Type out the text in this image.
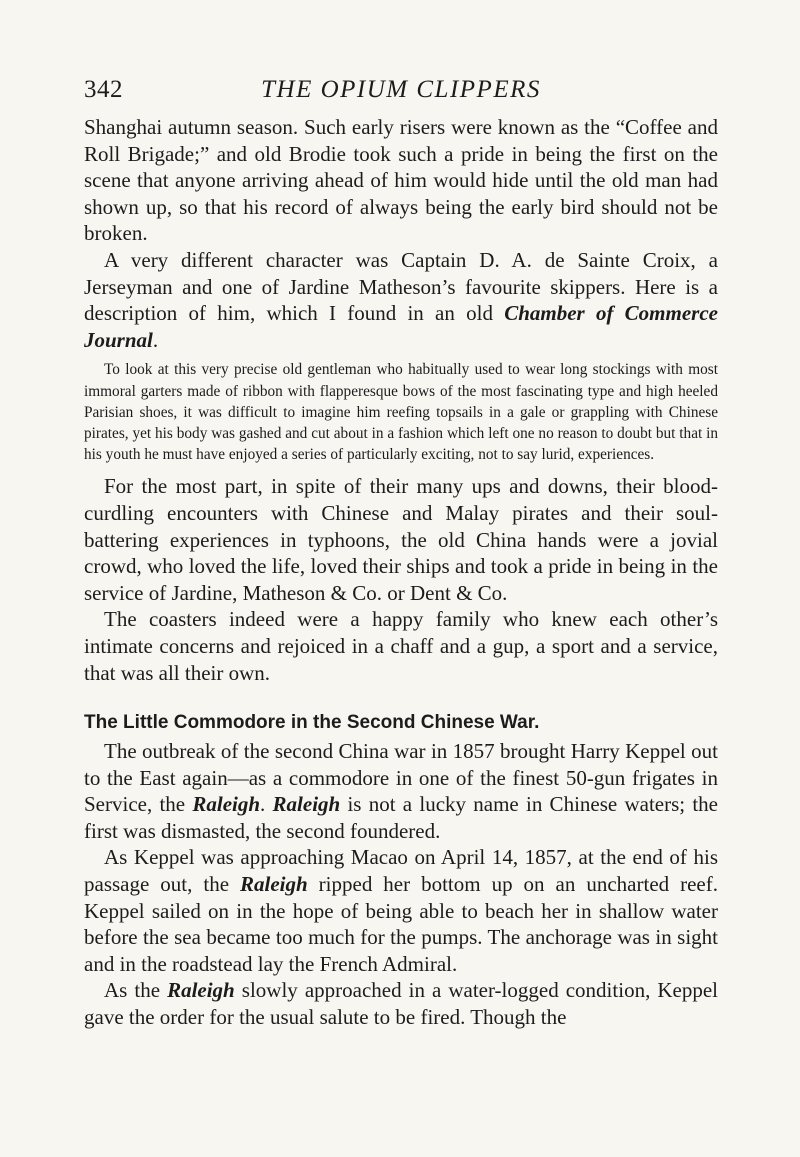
342	THE OPIUM CLIPPERS

Shanghai autumn season. Such early risers were known as the “Coffee and Roll Brigade;” and old Brodie took such a pride in being the first on the scene that anyone arriving ahead of him would hide until the old man had shown up, so that his record of always being the early bird should not be broken.

A very different character was Captain D. A. de Sainte Croix, a Jerseyman and one of Jardine Matheson’s favourite skippers. Here is a description of him, which I found in an old Chamber of Commerce Journal.

To look at this very precise old gentleman who habitually used to wear long stockings with most immoral garters made of ribbon with flapperesque bows of the most fascinating type and high heeled Parisian shoes, it was difficult to imagine him reefing topsails in a gale or grappling with Chinese pirates, yet his body was gashed and cut about in a fashion which left one no reason to doubt but that in his youth he must have enjoyed a series of particularly exciting, not to say lurid, experiences.

For the most part, in spite of their many ups and downs, their blood-curdling encounters with Chinese and Malay pirates and their soul-battering experiences in typhoons, the old China hands were a jovial crowd, who loved the life, loved their ships and took a pride in being in the service of Jardine, Matheson & Co. or Dent & Co.

The coasters indeed were a happy family who knew each other’s intimate concerns and rejoiced in a chaff and a gup, a sport and a service, that was all their own.

The Little Commodore in the Second Chinese War.

The outbreak of the second China war in 1857 brought Harry Keppel out to the East again—as a commodore in one of the finest 50-gun frigates in Service, the Raleigh. Raleigh is not a lucky name in Chinese waters; the first was dismasted, the second foundered.

As Keppel was approaching Macao on April 14, 1857, at the end of his passage out, the Raleigh ripped her bottom up on an uncharted reef. Keppel sailed on in the hope of being able to beach her in shallow water before the sea became too much for the pumps. The anchorage was in sight and in the roadstead lay the French Admiral.

As the Raleigh slowly approached in a water-logged condition, Keppel gave the order for the usual salute to be fired. Though the
